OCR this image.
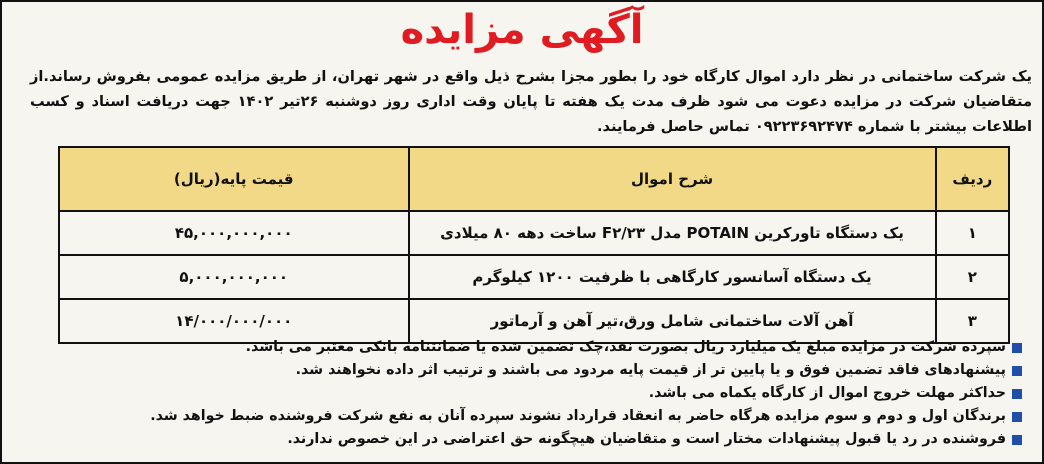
آگهی مزایده
یک شرکت ساختمانی در نظر دارد اموال کارگاه خود را بطور مجزا بشرح ذیل واقع در شهر تهران، از طریق مزایده عمومی بفروش رساند.از متقاضیان شرکت در مزایده دعوت می شود ظرف مدت یک هفته تا پایان وقت اداری روز دوشنبه ۲۶تیر ۱۴۰۲ جهت دریافت اسناد و کسب اطلاعات بیشتر با شماره ۰۹۲۲۳۶۹۲۴۷۴ تماس حاصل فرمایند.
ردیف	شرح اموال	قیمت پایه(ریال)
۱	یک دستگاه تاورکرین POTAIN مدل F۲/۲۳ ساخت دهه ۸۰ میلادی	۴۵,۰۰۰,۰۰۰,۰۰۰
۲	یک دستگاه آسانسور کارگاهی با ظرفیت ۱۲۰۰ کیلوگرم	۵,۰۰۰,۰۰۰,۰۰۰
۳	آهن آلات ساختمانی شامل ورق،تیر آهن و آرماتور	۱۴/۰۰۰/۰۰۰/۰۰۰
سپرده شرکت در مزایده مبلغ یک میلیارد ریال بصورت نقد،چک تضمین شده یا ضمانتنامه بانکی معتبر می باشد.
پیشنهادهای فاقد تضمین فوق و یا پایین تر از قیمت پایه مردود می باشند و ترتیب اثر داده نخواهند شد.
حداکثر مهلت خروج اموال از کارگاه یکماه می باشد.
برندگان اول و دوم و سوم مزایده هرگاه حاضر به انعقاد قرارداد نشوند سپرده آنان به نفع شرکت فروشنده ضبط خواهد شد.
فروشنده در رد یا قبول پیشنهادات مختار است و متقاضیان هیچگونه حق اعتراضی در این خصوص ندارند.
